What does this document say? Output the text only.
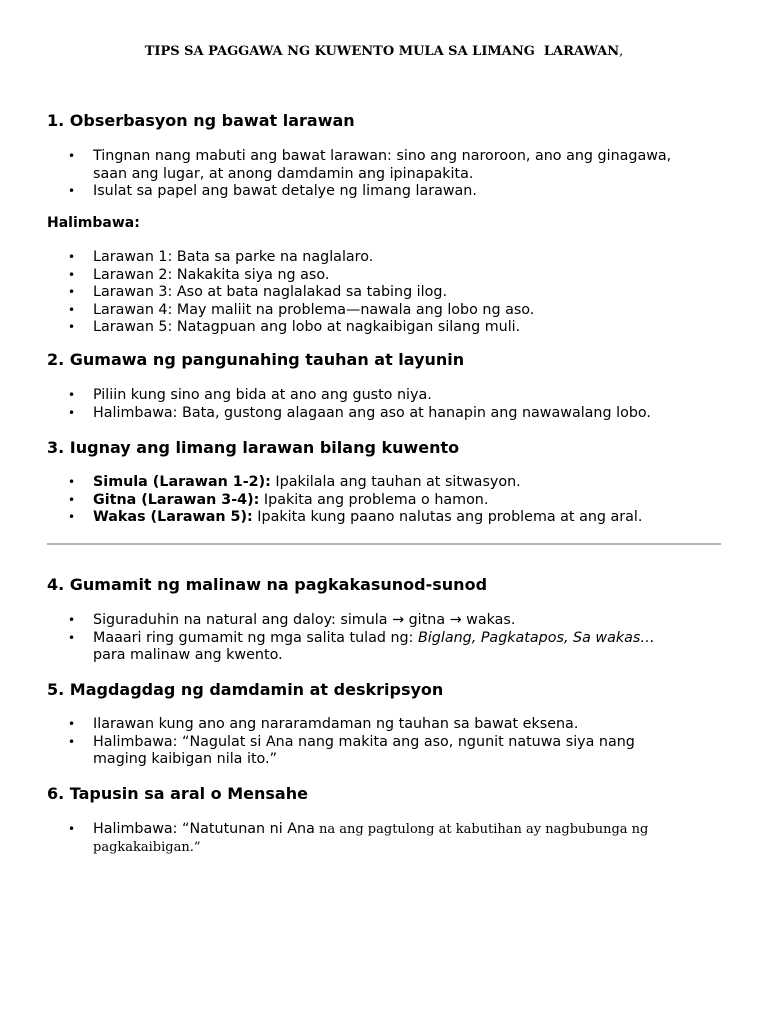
TIPS SA PAGGAWA NG KUWENTO MULA SA LIMANG  LARAWAN,
1. Obserbasyon ng bawat larawan
• Tingnan nang mabuti ang bawat larawan: sino ang naroroon, ano ang ginagawa,
saan ang lugar, at anong damdamin ang ipinapakita.
• Isulat sa papel ang bawat detalye ng limang larawan.
Halimbawa:
• Larawan 1: Bata sa parke na naglalaro.
• Larawan 2: Nakakita siya ng aso.
• Larawan 3: Aso at bata naglalakad sa tabing ilog.
• Larawan 4: May maliit na problema—nawala ang lobo ng aso.
• Larawan 5: Natagpuan ang lobo at nagkaibigan silang muli.
2. Gumawa ng pangunahing tauhan at layunin
• Piliin kung sino ang bida at ano ang gusto niya.
• Halimbawa: Bata, gustong alagaan ang aso at hanapin ang nawawalang lobo.
3. Iugnay ang limang larawan bilang kuwento
• Simula (Larawan 1-2): Ipakilala ang tauhan at sitwasyon.
• Gitna (Larawan 3-4): Ipakita ang problema o hamon.
• Wakas (Larawan 5): Ipakita kung paano nalutas ang problema at ang aral.
4. Gumamit ng malinaw na pagkakasunod-sunod
• Siguraduhin na natural ang daloy: simula → gitna → wakas.
• Maaari ring gumamit ng mga salita tulad ng: Biglang, Pagkatapos, Sa wakas…
para malinaw ang kwento.
5. Magdagdag ng damdamin at deskripsyon
• Ilarawan kung ano ang nararamdaman ng tauhan sa bawat eksena.
• Halimbawa: “Nagulat si Ana nang makita ang aso, ngunit natuwa siya nang
maging kaibigan nila ito.”
6. Tapusin sa aral o Mensahe
• Halimbawa: “Natutunan ni Ana na ang pagtulong at kabutihan ay nagbubunga ng
pagkakaibigan.”
